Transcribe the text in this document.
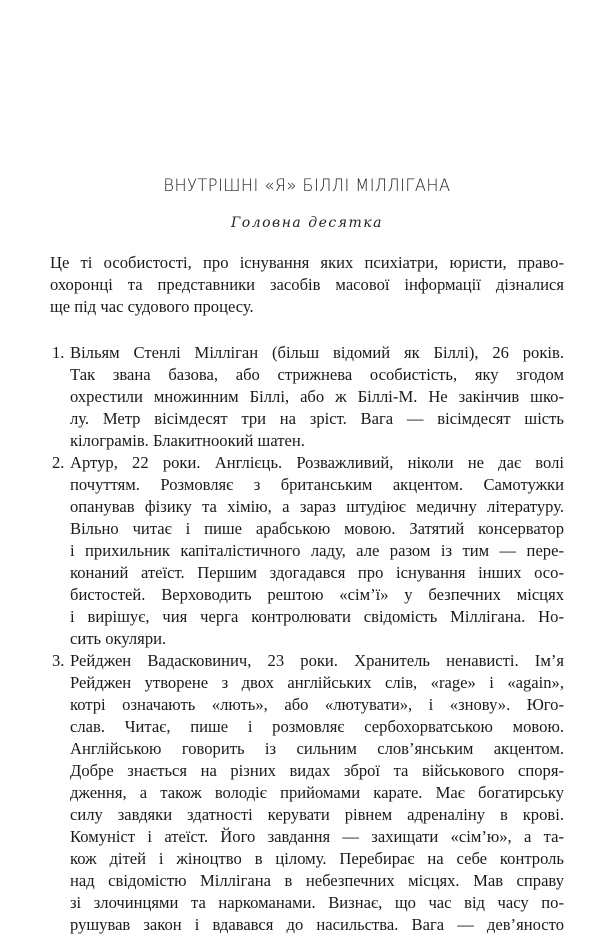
ВНУТРІШНІ «Я» БІЛЛІ МІЛЛІГАНА
Головна десятка
Це ті особистості, про існування яких психіатри, юристи, право-
охоронці та представники засобів масової інформації дізналися
ще під час судового процесу.
1. Вільям Стенлі Мілліган (більш відомий як Біллі), 26 років.
Так звана базова, або стрижнева особистість, яку згодом
охрестили множинним Біллі, або ж Біллі-М. Не закінчив шко-
лу. Метр вісімдесят три на зріст. Вага — вісімдесят шість
кілограмів. Блакитноокий шатен.
2. Артур, 22 роки. Англієць. Розважливий, ніколи не дає волі
почуттям. Розмовляє з британським акцентом. Самотужки
опанував фізику та хімію, а зараз штудіює медичну літературу.
Вільно читає і пише арабською мовою. Затятий консерватор
і прихильник капіталістичного ладу, але разом із тим — пере-
конаний атеїст. Першим здогадався про існування інших осо-
бистостей. Верховодить рештою «сім’ї» у безпечних місцях
і вирішує, чия черга контролювати свідомість Міллігана. Но-
сить окуляри.
3. Рейджен Вадасковинич, 23 роки. Хранитель ненависті. Ім’я
Рейджен утворене з двох англійських слів, «rage» і «again»,
котрі означають «лють», або «лютувати», і «знову». Юго-
слав. Читає, пише і розмовляє сербохорватською мовою.
Англійською говорить із сильним слов’янським акцентом.
Добре знається на різних видах зброї та військового споря-
дження, а також володіє прийомами карате. Має богатирську
силу завдяки здатності керувати рівнем адреналіну в крові.
Комуніст і атеїст. Його завдання — захищати «сім’ю», а та-
кож дітей і жіноцтво в цілому. Перебирає на себе контроль
над свідомістю Міллігана в небезпечних місцях. Мав справу
зі злочинцями та наркоманами. Визнає, що час від часу по-
рушував закон і вдавався до насильства. Вага — дев’яносто
